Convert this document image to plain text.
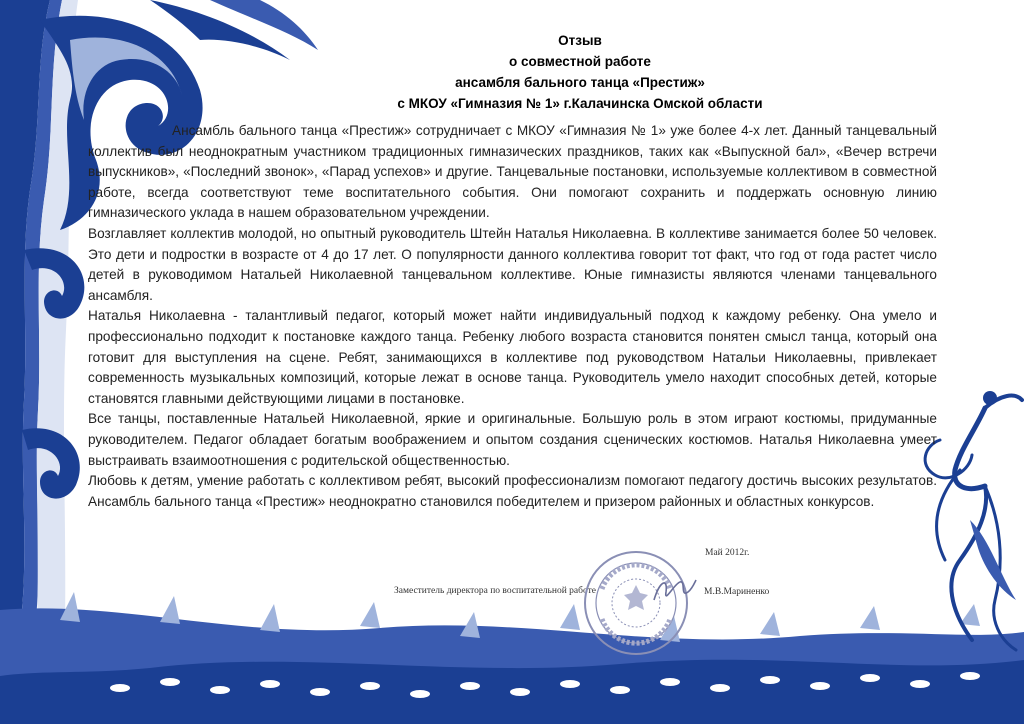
Отзыв
о совместной работе
ансамбля бального танца «Престиж»
с МКОУ «Гимназия № 1» г.Калачинска Омской области

Ансамбль бального танца «Престиж» сотрудничает с МКОУ «Гимназия № 1» уже более 4-х лет. Данный танцевальный коллектив был неоднократным участником традиционных гимназических праздников, таких как «Выпускной бал», «Вечер встречи выпускников», «Последний звонок», «Парад успехов» и другие. Танцевальные постановки, используемые коллективом в совместной работе, всегда соответствуют теме воспитательного события. Они помогают сохранить и поддержать основную линию гимназического уклада в нашем образовательном учреждении.

Возглавляет коллектив молодой, но опытный руководитель Штейн Наталья Николаевна. В коллективе занимается более 50 человек. Это дети и подростки в возрасте от 4 до 17 лет. О популярности данного коллектива говорит тот факт, что год от года растет число детей в руководимом Натальей Николаевной танцевальном коллективе. Юные гимназисты являются членами танцевального ансамбля.

Наталья Николаевна - талантливый педагог, который может найти индивидуальный подход к каждому ребенку. Она умело и профессионально подходит к постановке каждого танца. Ребенку любого возраста становится понятен смысл танца, который она готовит для выступления на сцене. Ребят, занимающихся в коллективе под руководством Натальи Николаевны, привлекает современность музыкальных композиций, которые лежат в основе танца. Руководитель умело находит способных детей, которые становятся главными действующими лицами в постановке.

Все танцы, поставленные Натальей Николаевной, яркие и оригинальные. Большую роль в этом играют костюмы, придуманные руководителем. Педагог обладает богатым воображением и опытом создания сценических костюмов. Наталья Николаевна умеет выстраивать взаимоотношения с родительской общественностью.

Любовь к детям, умение работать с коллективом ребят, высокий профессионализм помогают педагогу достичь высоких результатов. Ансамбль бального танца «Престиж» неоднократно становился победителем и призером районных и областных конкурсов.

Май 2012г.
Заместитель директора по воспитательной работе	М.В.Мариненко
